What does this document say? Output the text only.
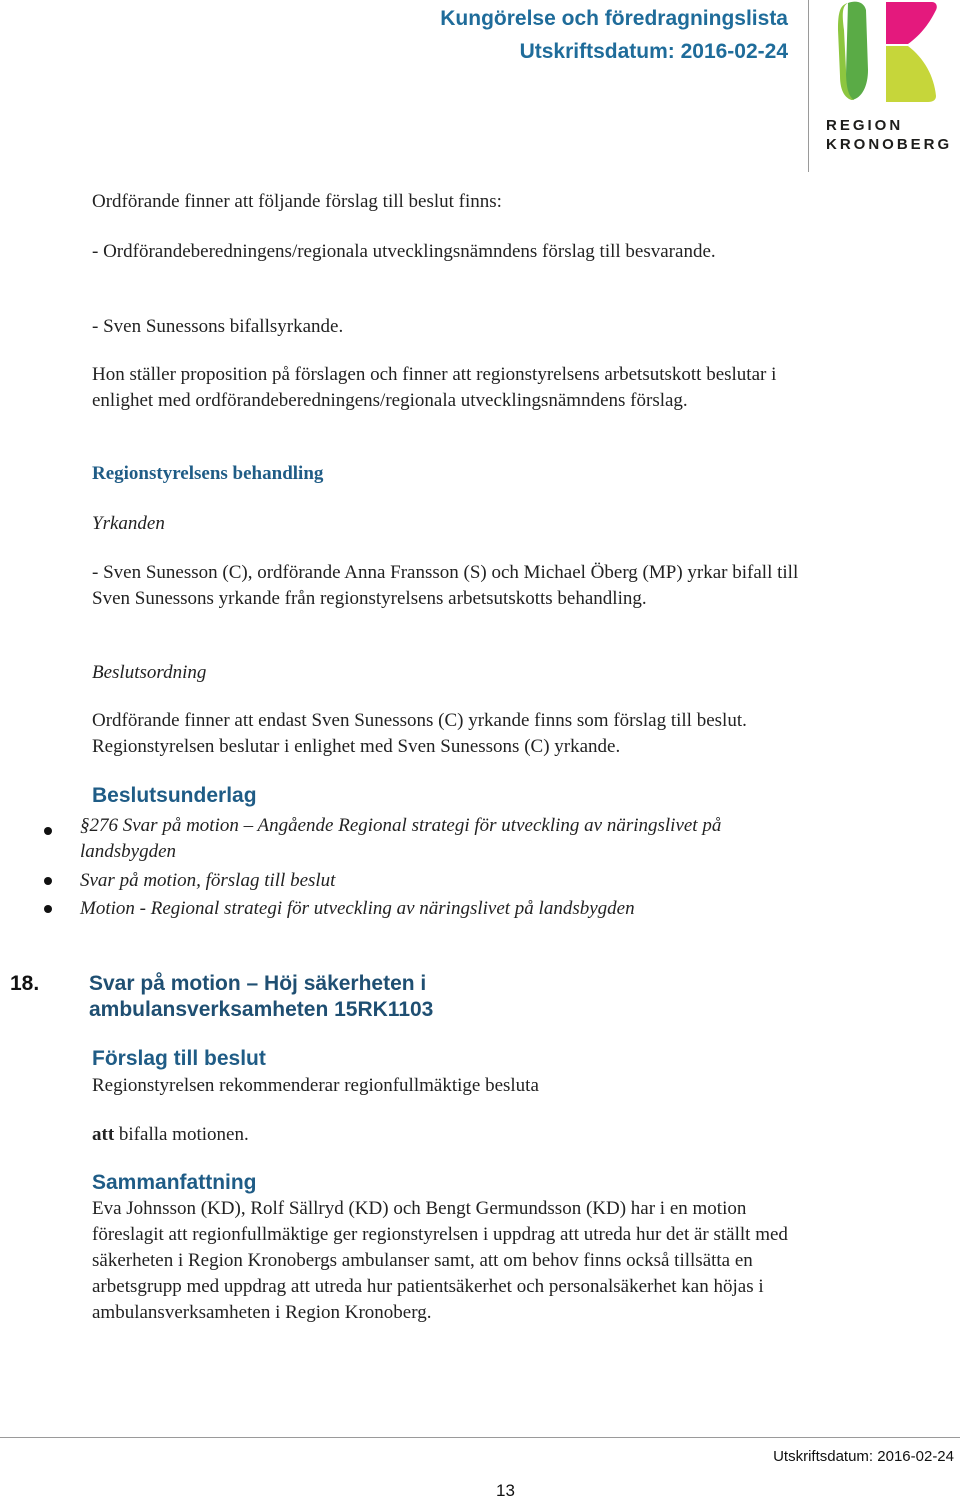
Kungörelse och föredragningslista
Utskriftsdatum: 2016-02-24
REGION
KRONOBERG

Ordförande finner att följande förslag till beslut finns:

- Ordförandeberedningens/regionala utvecklingsnämndens förslag till besvarande.

- Sven Sunessons bifallsyrkande.

Hon ställer proposition på förslagen och finner att regionstyrelsens arbetsutskott beslutar i enlighet med ordförandeberedningens/regionala utvecklingsnämndens förslag.

Regionstyrelsens behandling

Yrkanden

- Sven Sunesson (C), ordförande Anna Fransson (S) och Michael Öberg (MP) yrkar bifall till Sven Sunessons yrkande från regionstyrelsens arbetsutskotts behandling.

Beslutsordning

Ordförande finner att endast Sven Sunessons (C) yrkande finns som förslag till beslut. Regionstyrelsen beslutar i enlighet med Sven Sunessons (C) yrkande.

Beslutsunderlag

§276 Svar på motion – Angående Regional strategi för utveckling av näringslivet på landsbygden

Svar på motion, förslag till beslut

Motion - Regional strategi för utveckling av näringslivet på landsbygden

18. Svar på motion – Höj säkerheten i
ambulansverksamheten 15RK1103
Förslag till beslut

Regionstyrelsen rekommenderar regionfullmäktige besluta

att bifalla motionen.

Sammanfattning

Eva Johnsson (KD), Rolf Sällryd (KD) och Bengt Germundsson (KD) har i en motion föreslagit att regionfullmäktige ger regionstyrelsen i uppdrag att utreda hur det är ställt med säkerheten i Region Kronobergs ambulanser samt, att om behov finns också tillsätta en arbetsgrupp med uppdrag att utreda hur patientsäkerhet och personalsäkerhet kan höjas i ambulansverksamheten i Region Kronoberg.

Utskriftsdatum: 2016-02-24
13
